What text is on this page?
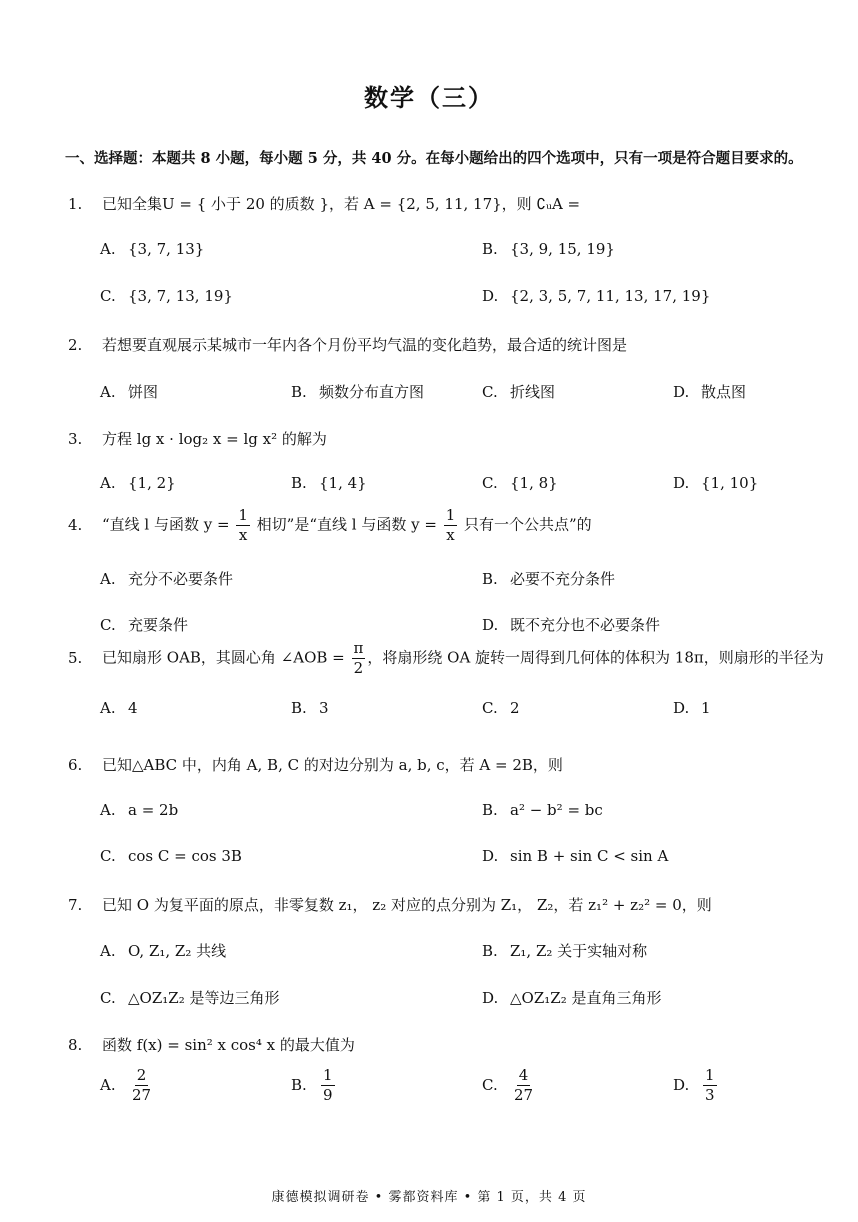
数学（三）
一、选择题：本题共 8 小题，每小题 5 分，共 40 分。在每小题给出的四个选项中，只有一项是符合题目要求的。
1. 已知全集U = { 小于 20 的质数 }，若 A = {2, 5, 11, 17}，则 ∁ᵤA =
A. {3, 7, 13}	B. {3, 9, 15, 19}
C. {3, 7, 13, 19}	D. {2, 3, 5, 7, 11, 13, 17, 19}
2. 若想要直观展示某城市一年内各个月份平均气温的变化趋势，最合适的统计图是
A. 饼图	B. 频数分布直方图	C. 折线图	D. 散点图
3. 方程 lg x · log₂ x = lg x² 的解为
A. {1, 2}	B. {1, 4}	C. {1, 8}	D. {1, 10}
4. “直线 l 与函数 $y = \frac{1}{x}$ 相切”是“直线 l 与函数 $y = \frac{1}{x}$ 只有一个公共点”的
A. 充分不必要条件	B. 必要不充分条件
C. 充要条件	D. 既不充分也不必要条件
5. 已知扇形 OAB，其圆心角 ∠AOB = $\frac{\pi}{2}$ ，将扇形绕 OA 旋转一周得到几何体的体积为 18π，则扇形的半径为
A. 4	B. 3	C. 2	D. 1
6. 已知△ABC 中，内角 A, B, C 的对边分别为 a, b, c，若 A = 2B，则
A. a = 2b	B. a² − b² = bc
C. cos C = cos 3B	D. sin B + sin C < sin A
7. 已知 O 为复平面的原点，非零复数 z₁， z₂ 对应的点分别为 Z₁， Z₂，若 z₁² + z₂² = 0，则
A. O, Z₁, Z₂ 共线	B. Z₁, Z₂ 关于实轴对称
C. △OZ₁Z₂ 是等边三角形	D. △OZ₁Z₂ 是直角三角形
8. 函数 f(x) = sin² x cos⁴ x 的最大值为
A. $\frac{2}{27}$	B. $\frac{1}{9}$	C. $\frac{4}{27}$	D. $\frac{1}{3}$
康德模拟调研卷 • 雾都资料库 • 第 1 页，共 4 页
